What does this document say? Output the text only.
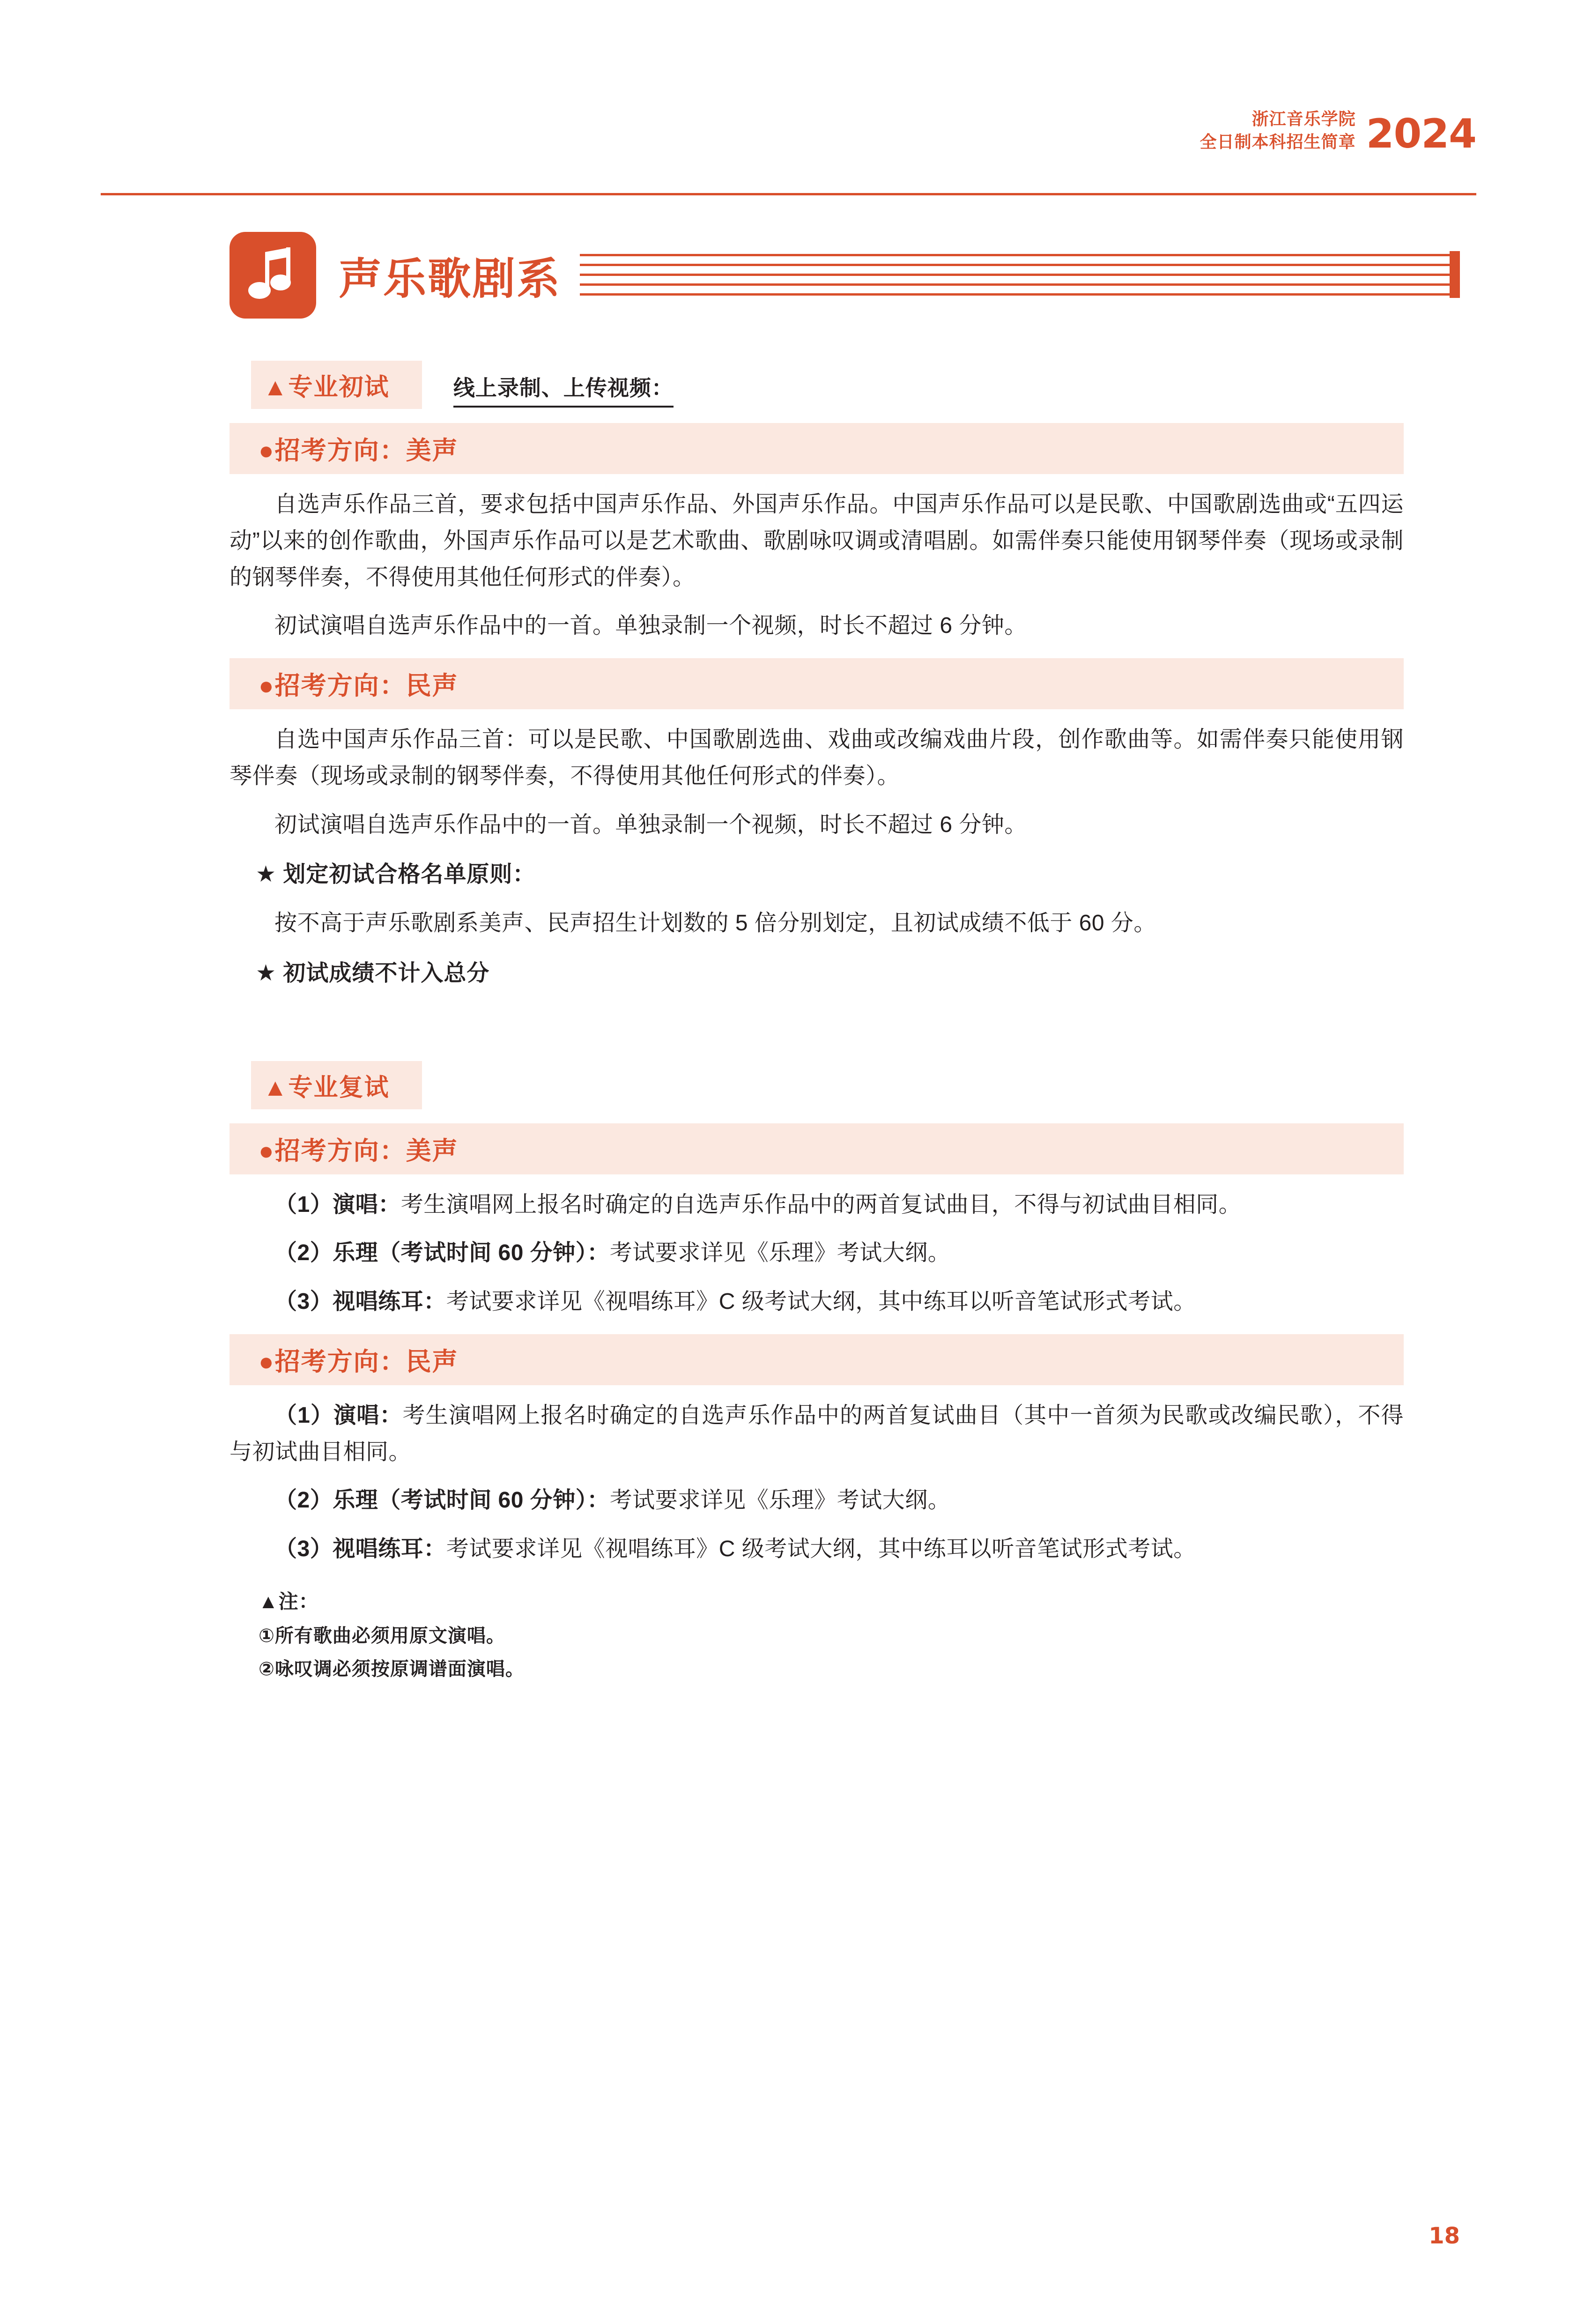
浙江音乐学院
全日制本科招生简章 2024
声乐歌剧系
▲专业初试	线上录制、上传视频：
●招考方向：美声

自选声乐作品三首，要求包括中国声乐作品、外国声乐作品。中国声乐作品可以是民歌、中国歌剧选曲或“五四运动”以来的创作歌曲，外国声乐作品可以是艺术歌曲、歌剧咏叹调或清唱剧。如需伴奏只能使用钢琴伴奏（现场或录制的钢琴伴奏，不得使用其他任何形式的伴奏）。

初试演唱自选声乐作品中的一首。单独录制一个视频，时长不超过 6 分钟。

●招考方向：民声

自选中国声乐作品三首：可以是民歌、中国歌剧选曲、戏曲或改编戏曲片段，创作歌曲等。如需伴奏只能使用钢琴伴奏（现场或录制的钢琴伴奏，不得使用其他任何形式的伴奏）。

初试演唱自选声乐作品中的一首。单独录制一个视频，时长不超过 6 分钟。

★ 划定初试合格名单原则：

按不高于声乐歌剧系美声、民声招生计划数的 5 倍分别划定，且初试成绩不低于 60 分。

★ 初试成绩不计入总分

▲专业复试
●招考方向：美声

（1）演唱：考生演唱网上报名时确定的自选声乐作品中的两首复试曲目，不得与初试曲目相同。

（2）乐理（考试时间 60 分钟）：考试要求详见《乐理》考试大纲。

（3）视唱练耳：考试要求详见《视唱练耳》C 级考试大纲，其中练耳以听音笔试形式考试。

●招考方向：民声

（1）演唱：考生演唱网上报名时确定的自选声乐作品中的两首复试曲目（其中一首须为民歌或改编民歌），不得与初试曲目相同。

（2）乐理（考试时间 60 分钟）：考试要求详见《乐理》考试大纲。

（3）视唱练耳：考试要求详见《视唱练耳》C 级考试大纲，其中练耳以听音笔试形式考试。

▲注：
①所有歌曲必须用原文演唱。
②咏叹调必须按原调谱面演唱。
18
